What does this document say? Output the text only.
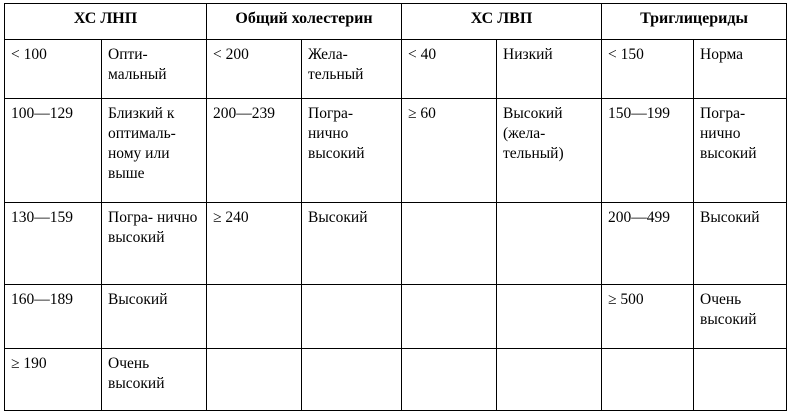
ХС ЛНП		Общий холестерин		ХС ЛВП		Триглицериды	
< 100	Опти- мальный	< 200	Жела- тельный	< 40	Низкий	< 150	Норма
100—129	Близкий к оптималь-ному или выше	200—239	Погра- нично высокий	≥ 60	Высокий (жела- тельный)	150—199	Погра- нично высокий
130—159	Погра- нично высокий	≥ 240	Высокий			200—499	Высокий
160—189	Высокий					≥ 500	Очень высокий
≥ 190	Очень высокий						
